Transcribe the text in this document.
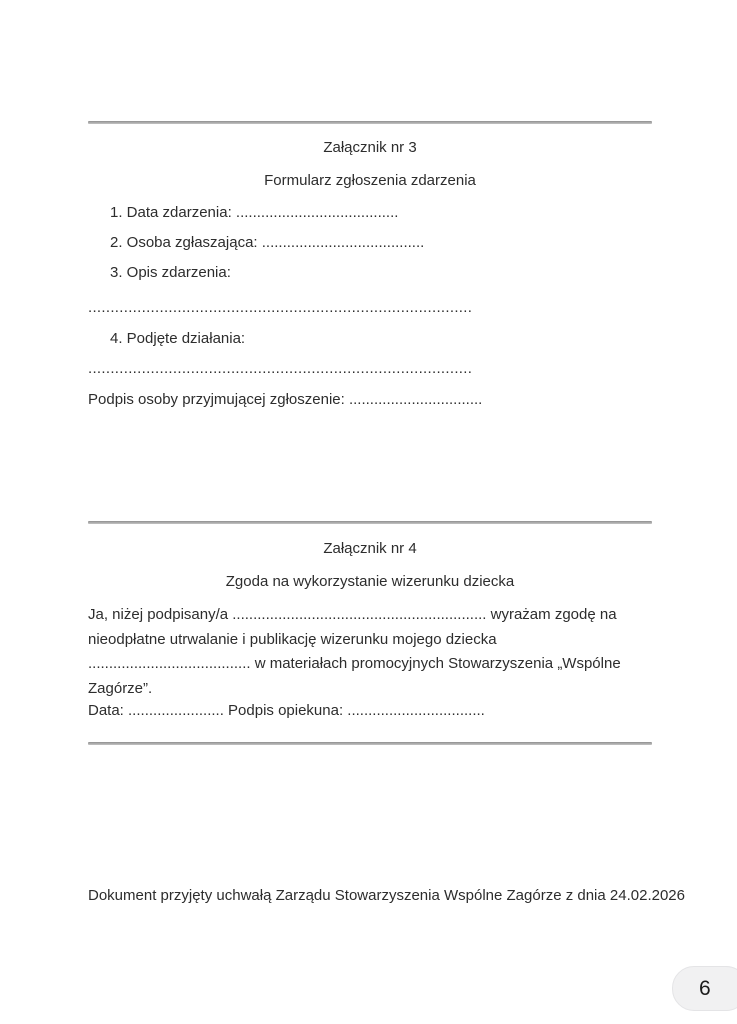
Załącznik nr 3
Formularz zgłoszenia zdarzenia
1. Data zdarzenia: .......................................
2. Osoba zgłaszająca: .......................................
3. Opis zdarzenia:
......................................................................................
4. Podjęte działania:
......................................................................................
Podpis osoby przyjmującej zgłoszenie: ................................
Załącznik nr 4
Zgoda na wykorzystanie wizerunku dziecka
Ja, niżej podpisany/a ............................................................. wyrażam zgodę na
nieodpłatne utrwalanie i publikację wizerunku mojego dziecka
....................................... w materiałach promocyjnych Stowarzyszenia „Wspólne
Zagórze”.
Data: ....................... Podpis opiekuna: .................................
Dokument przyjęty uchwałą Zarządu Stowarzyszenia Wspólne Zagórze z dnia 24.02.2026
6
